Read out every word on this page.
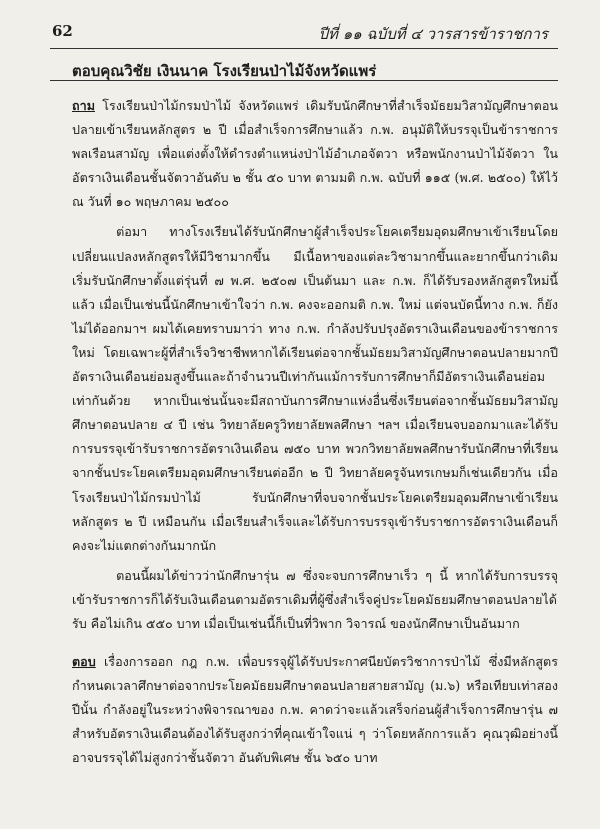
62	ปีที่ ๑๑ ฉบับที่ ๔ วารสารข้าราชการ
ตอบคุณวิชัย เงินนาค โรงเรียนป่าไม้จังหวัดแพร่

ถาม โรงเรียนป่าไม้กรมป่าไม้ จังหวัดแพร่ เดิมรับนักศึกษาที่สำเร็จมัธยมวิสามัญศึกษาตอนปลายเข้าเรียนหลักสูตร ๒ ปี เมื่อสำเร็จการศึกษาแล้ว ก.พ. อนุมัติให้บรรจุเป็นข้าราชการพลเรือนสามัญ เพื่อแต่งตั้งให้ดำรงตำแหน่งป่าไม้อำเภอจัตวา หรือพนักงานป่าไม้จัตวา ในอัตราเงินเดือนชั้นจัตวาอันดับ ๒ ชั้น ๕๐ บาท ตามมติ ก.พ. ฉบับที่ ๑๑๕ (พ.ศ. ๒๕๐๐) ให้ไว้ ณ วันที่ ๑๐ พฤษภาคม ๒๕๐๐

ต่อมา ทางโรงเรียนได้รับนักศึกษาผู้สำเร็จประโยคเตรียมอุดมศึกษาเข้าเรียนโดยเปลี่ยนแปลงหลักสูตรให้มีวิชามากขึ้น มีเนื้อหาของแต่ละวิชามากขึ้นและยากขึ้นกว่าเดิม เริ่มรับนักศึกษาตั้งแต่รุ่นที่ ๗ พ.ศ. ๒๕๐๗ เป็นต้นมา และ ก.พ. ก็ได้รับรองหลักสูตรใหม่นี้แล้ว เมื่อเป็นเช่นนี้นักศึกษาเข้าใจว่า ก.พ. คงจะออกมติ ก.พ. ใหม่ แต่จนบัดนี้ทาง ก.พ. ก็ยังไม่ได้ออกมาฯ ผมได้เคยทราบมาว่า ทาง ก.พ. กำลังปรับปรุงอัตราเงินเดือนของข้าราชการใหม่ โดยเฉพาะผู้ที่สำเร็จวิชาชีพหากได้เรียนต่อจากชั้นมัธยมวิสามัญศึกษาตอนปลายมากปี อัตราเงินเดือนย่อมสูงขึ้นและถ้าจำนวนปีเท่ากันแม้การรับการศึกษาก็มีอัตราเงินเดือนย่อมเท่ากันด้วย หากเป็นเช่นนั้นจะมีสถาบันการศึกษาแห่งอื่นซึ่งเรียนต่อจากชั้นมัธยมวิสามัญศึกษาตอนปลาย ๔ ปี เช่น วิทยาลัยครูวิทยาลัยพลศึกษา ฯลฯ เมื่อเรียนจบออกมาและได้รับการบรรจุเข้ารับราชการอัตราเงินเดือน ๗๕๐ บาท พวกวิทยาลัยพลศึกษารับนักศึกษาที่เรียนจากชั้นประโยคเตรียมอุดมศึกษาเรียนต่ออีก ๒ ปี วิทยาลัยครูจันทรเกษมก็เช่นเดียวกัน เมื่อโรงเรียนป่าไม้กรมป่าไม้ รับนักศึกษาที่จบจากชั้นประโยคเตรียมอุดมศึกษาเข้าเรียน หลักสูตร ๒ ปี เหมือนกัน เมื่อเรียนสำเร็จและได้รับการบรรจุเข้ารับราชการอัตราเงินเดือนก็คงจะไม่แตกต่างกันมากนัก

ตอนนี้ผมได้ข่าวว่านักศึกษารุ่น ๗ ซึ่งจะจบการศึกษาเร็ว ๆ นี้ หากได้รับการบรรจุเข้ารับราชการก็ได้รับเงินเดือนตามอัตราเดิมที่ผู้ซึ่งสำเร็จคู่ประโยคมัธยมศึกษาตอนปลายได้รับ คือไม่เกิน ๕๕๐ บาท เมื่อเป็นเช่นนี้ก็เป็นที่วิพาก วิจารณ์ ของนักศึกษาเป็นอันมาก

ตอบ เรื่องการออก กฎ ก.พ. เพื่อบรรจุผู้ได้รับประกาศนียบัตรวิชาการป่าไม้ ซึ่งมีหลักสูตรกำหนดเวลาศึกษาต่อจากประโยคมัธยมศึกษาตอนปลายสายสามัญ (ม.๖) หรือเทียบเท่าสองปีนั้น กำลังอยู่ในระหว่างพิจารณาของ ก.พ. คาดว่าจะแล้วเสร็จก่อนผู้สำเร็จการศึกษารุ่น ๗ สำหรับอัตราเงินเดือนต้องได้รับสูงกว่าที่คุณเข้าใจแน่ ๆ ว่าโดยหลักการแล้ว คุณวุฒิอย่างนี้อาจบรรจุได้ไม่สูงกว่าชั้นจัตวา อันดับพิเศษ ชั้น ๖๕๐ บาท
